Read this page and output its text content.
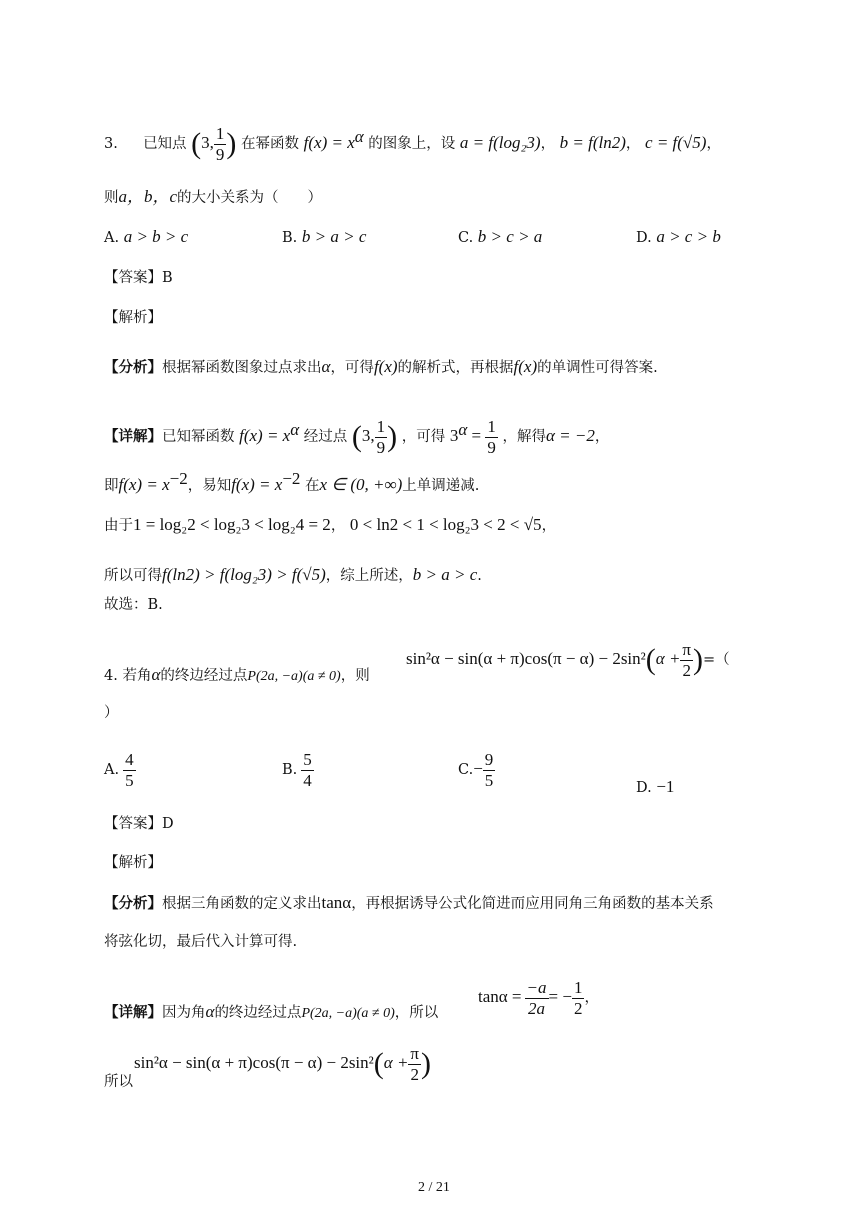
3. 已知点 (3, $\frac{1}{9}$ ) 在幂函数 $f(x) = x^\alpha$ 的图象上，设 a = f(log₂3)， b = f(ln2)， c = f(√5)，
则a，b，c的大小关系为（　　）
A. a > b > c	B. b > a > c	C. b > c > a	D. a > c > b
【答案】B
【解析】
【分析】根据幂函数图象过点求出α，可得f(x)的解析式，再根据f(x)的单调性可得答案.
【详解】已知幂函数 $f(x) = x^\alpha$ 经过点 (3, $\frac{1}{9}$ ) ，可得 $3^\alpha = \frac{1}{9}$ ，解得α = −2，
即$f(x) = x^{-2}$，易知$f(x) = x^{-2}$ 在x ∈ (0, +∞)上单调递减.
由于1 = log₂2 < log₂3 < log₂4 = 2， 0 < ln2 < 1 < log₂3 < 2 < √5，
所以可得f(ln2) > f(log₂3) > f(√5)，综上所述，b > a > c.
故选：B.
4. 若角α的终边经过点P(2a, −a)(a ≠ 0)，则
$\sin^2\alpha - \sin(\alpha + \pi)\cos(\pi - \alpha) - 2\sin^2(\alpha + \frac{\pi}{2}$ )=（
）
A. $\frac{4}{5}$	B. $\frac{5}{4}$	$C.- \frac{9}{5}$	D. −1
【答案】D
【解析】
【分析】根据三角函数的定义求出tanα，再根据诱导公式化简进而应用同角三角函数的基本关系
将弦化切，最后代入计算可得.
【详解】因为角α的终边经过点P(2a, −a)(a ≠ 0)，所以
$\tan\alpha = \frac{-a}{2a}$ = − $\frac{1}{2}$ ，
$\sin^2\alpha - \sin(\alpha + \pi)\cos(\pi - \alpha) - 2\sin^2(\alpha + \frac{\pi}{2}$ )
所以
2 / 21
